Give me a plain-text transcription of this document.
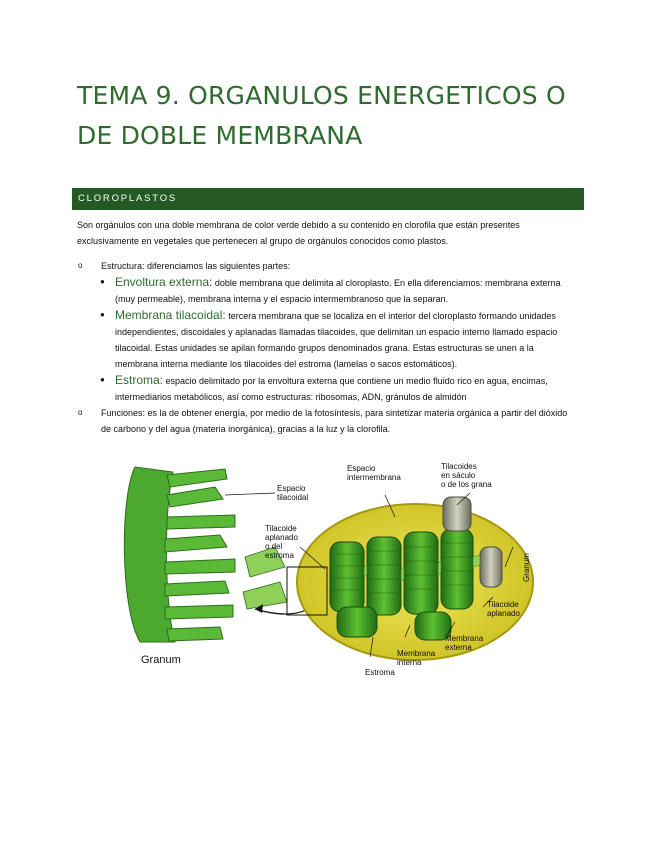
TEMA 9. ORGANULOS ENERGETICOS O DE DOBLE MEMBRANA
CLOROPLASTOS

Son orgánulos con una doble membrana de color verde debido a su contenido en clorofila que están presentes exclusivamente en vegetales que pertenecen al grupo de orgánulos conocidos como plastos.

o Estructura: diferenciamos las siguientes partes:
● Envoltura externa: doble membrana que delimita al cloroplasto. En ella diferenciamos: membrana externa (muy permeable), membrana interna y el espacio intermembranoso que la separan.
● Membrana tilacoidal: tercera membrana que se localiza en el interior del cloroplasto formando unidades independientes, discoidales y aplanadas llamadas tilacoides, que delimitan un espacio interno llamado espacio tilacoidal. Estas unidades se apilan formando grupos denominados grana. Estas estructuras se unen a la membrana interna mediante los tilacoides del estroma (lamelas o sacos estomáticos).
● Estroma: espacio delimitado por la envoltura externa que contiene un medio fluido rico en agua, encimas, intermediarios metabólicos, así como estructuras: ribosomas, ADN, gránulos de almidón
o Funciones: es la de obtener energía, por medio de la fotosíntesis, para sintetizar materia orgánica a partir del dióxido de carbono y del agua (materia inorgánica), gracias a la luz y la clorofila.
Espacio
tilacoidal
Tilacoide
aplanado
o del
estroma
Espacio
intermembrana
Tilacoides
en sáculo
o de los grana
Granum
Tilacoide
aplanado
Membrana
externa
Membrana
interna
Estroma
Granum
